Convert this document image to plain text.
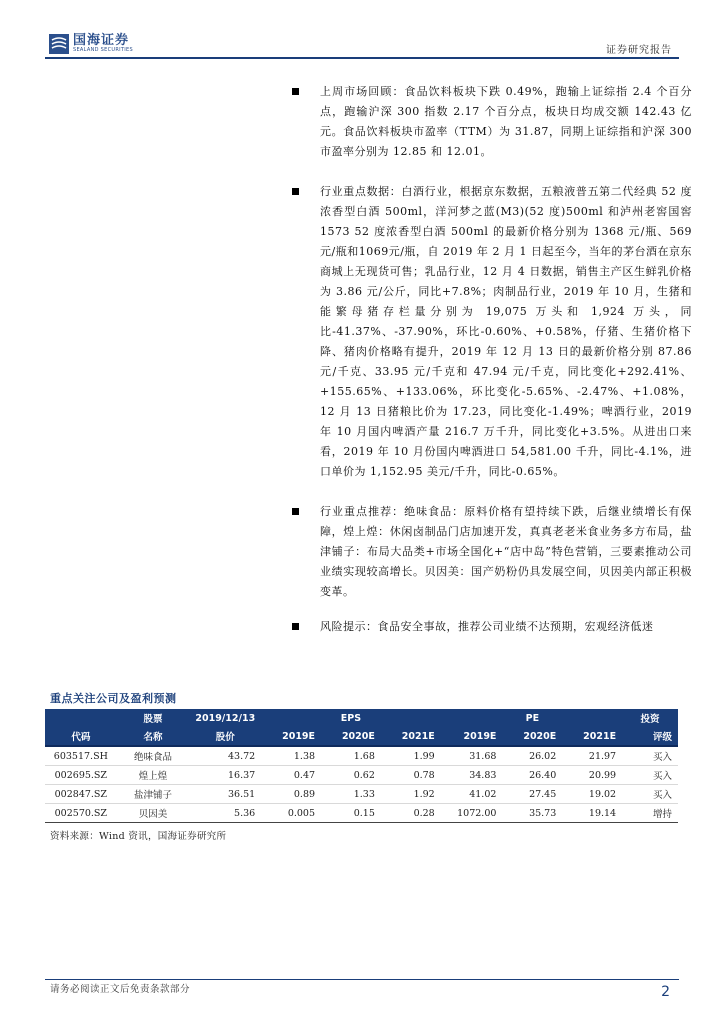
国海证券
SEALAND SECURITIES	证券研究报告
上周市场回顾：食品饮料板块下跌 0.49%，跑输上证综指 2.4 个百分点，跑输沪深 300 指数 2.17 个百分点，板块日均成交额 142.43 亿元。食品饮料板块市盈率（TTM）为 31.87，同期上证综指和沪深 300 市盈率分别为 12.85 和 12.01。
行业重点数据：白酒行业，根据京东数据，五粮液普五第二代经典 52 度浓香型白酒 500ml，洋河梦之蓝(M3)(52 度)500ml 和泸州老窖国窖 1573 52 度浓香型白酒 500ml 的最新价格分别为 1368 元/瓶、569元/瓶和1069元/瓶，自 2019 年 2 月 1 日起至今，当年的茅台酒在京东商城上无现货可售；乳品行业，12 月 4 日数据，销售主产区生鲜乳价格为 3.86 元/公斤，同比+7.8%；肉制品行业，2019 年 10 月，生猪和能繁母猪存栏量分别为 19,075 万头和 1,924 万头，同比-41.37%、-37.90%，环比-0.60%、+0.58%，仔猪、生猪价格下降、猪肉价格略有提升，2019 年 12 月 13 日的最新价格分别 87.86 元/千克、33.95 元/千克和 47.94 元/千克，同比变化+292.41%、+155.65%、+133.06%，环比变化-5.65%、-2.47%、+1.08%，12 月 13 日猪粮比价为 17.23，同比变化-1.49%；啤酒行业，2019 年 10 月国内啤酒产量 216.7 万千升，同比变化+3.5%。从进出口来看，2019 年 10 月份国内啤酒进口 54,581.00 千升，同比-4.1%，进口单价为 1,152.95 美元/千升，同比-0.65%。
行业重点推荐：绝味食品：原料价格有望持续下跌，后继业绩增长有保障，煌上煌：休闲卤制品门店加速开发，真真老老米食业务多方布局，盐津铺子：布局大品类+市场全国化+“店中岛”特色营销，三要素推动公司业绩实现较高增长。贝因美：国产奶粉仍具发展空间，贝因美内部正积极变革。
风险提示：食品安全事故，推荐公司业绩不达预期，宏观经济低迷
重点关注公司及盈利预测
	股票	2019/12/13		EPS			PE		投资
代码	名称	股价	2019E	2020E	2021E	2019E	2020E	2021E	评级
603517.SH	绝味食品	43.72	1.38	1.68	1.99	31.68	26.02	21.97	买入
002695.SZ	煌上煌	16.37	0.47	0.62	0.78	34.83	26.40	20.99	买入
002847.SZ	盐津铺子	36.51	0.89	1.33	1.92	41.02	27.45	19.02	买入
002570.SZ	贝因美	5.36	0.005	0.15	0.28	1072.00	35.73	19.14	增持
资料来源：Wind 资讯，国海证券研究所
请务必阅读正文后免责条款部分	2
